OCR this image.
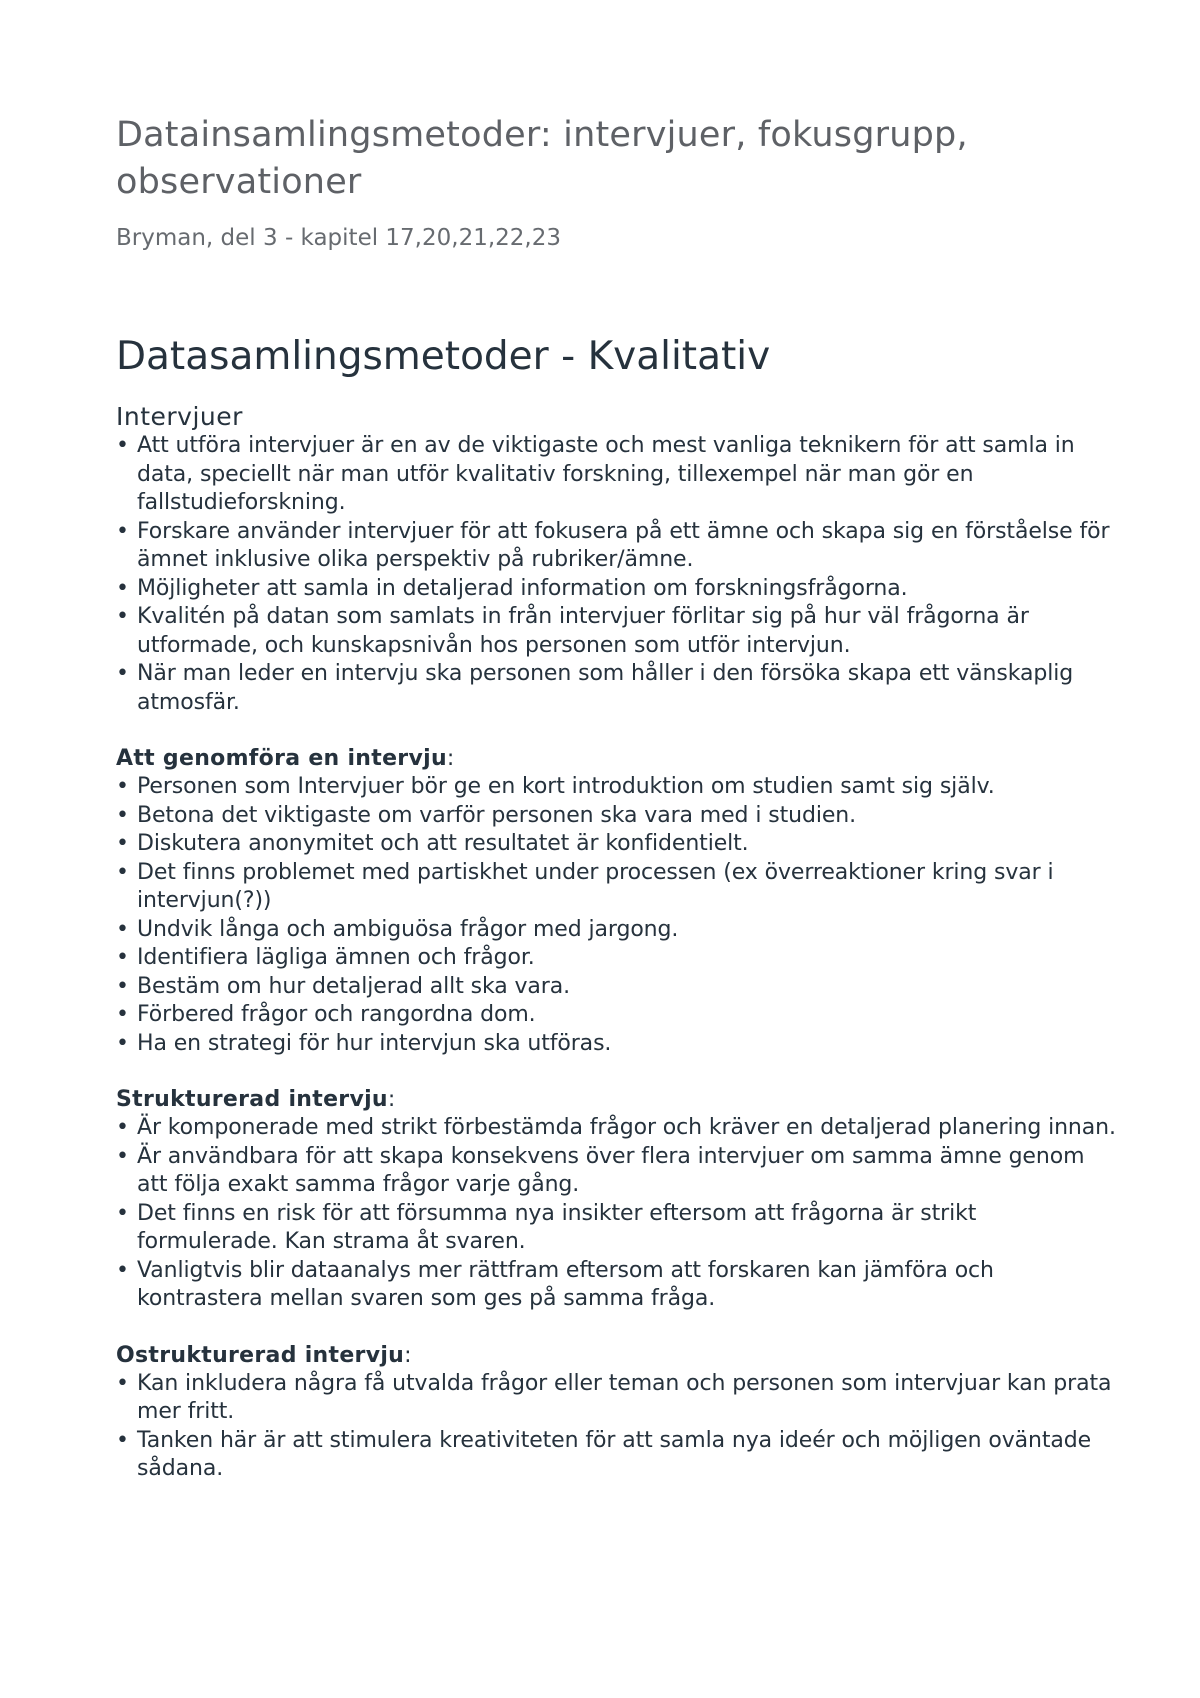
Datainsamlingsmetoder: intervjuer, fokusgrupp, observationer

Bryman, del 3 - kapitel 17,20,21,22,23

Datasamlingsmetoder - Kvalitativ
Intervjuer
• Att utföra intervjuer är en av de viktigaste och mest vanliga teknikern för att samla in data, speciellt när man utför kvalitativ forskning, tillexempel när man gör en fallstudieforskning.
• Forskare använder intervjuer för att fokusera på ett ämne och skapa sig en förståelse för ämnet inklusive olika perspektiv på rubriker/ämne.
• Möjligheter att samla in detaljerad information om forskningsfrågorna.
• Kvalitén på datan som samlats in från intervjuer förlitar sig på hur väl frågorna är utformade, och kunskapsnivån hos personen som utför intervjun.
• När man leder en intervju ska personen som håller i den försöka skapa ett vänskaplig atmosfär.

Att genomföra en intervju:

• Personen som Intervjuer bör ge en kort introduktion om studien samt sig själv.
• Betona det viktigaste om varför personen ska vara med i studien.
• Diskutera anonymitet och att resultatet är konfidentielt.
• Det finns problemet med partiskhet under processen (ex överreaktioner kring svar i intervjun(?))
• Undvik långa och ambiguösa frågor med jargong.
• Identifiera lägliga ämnen och frågor.
• Bestäm om hur detaljerad allt ska vara.
• Förbered frågor och rangordna dom.
• Ha en strategi för hur intervjun ska utföras.

Strukturerad intervju:

• Är komponerade med strikt förbestämda frågor och kräver en detaljerad planering innan.
• Är användbara för att skapa konsekvens över flera intervjuer om samma ämne genom att följa exakt samma frågor varje gång.
• Det finns en risk för att försumma nya insikter eftersom att frågorna är strikt formulerade. Kan strama åt svaren.
• Vanligtvis blir dataanalys mer rättfram eftersom att forskaren kan jämföra och kontrastera mellan svaren som ges på samma fråga.

Ostrukturerad intervju:

• Kan inkludera några få utvalda frågor eller teman och personen som intervjuar kan prata mer fritt.
• Tanken här är att stimulera kreativiteten för att samla nya ideér och möjligen oväntade sådana.
